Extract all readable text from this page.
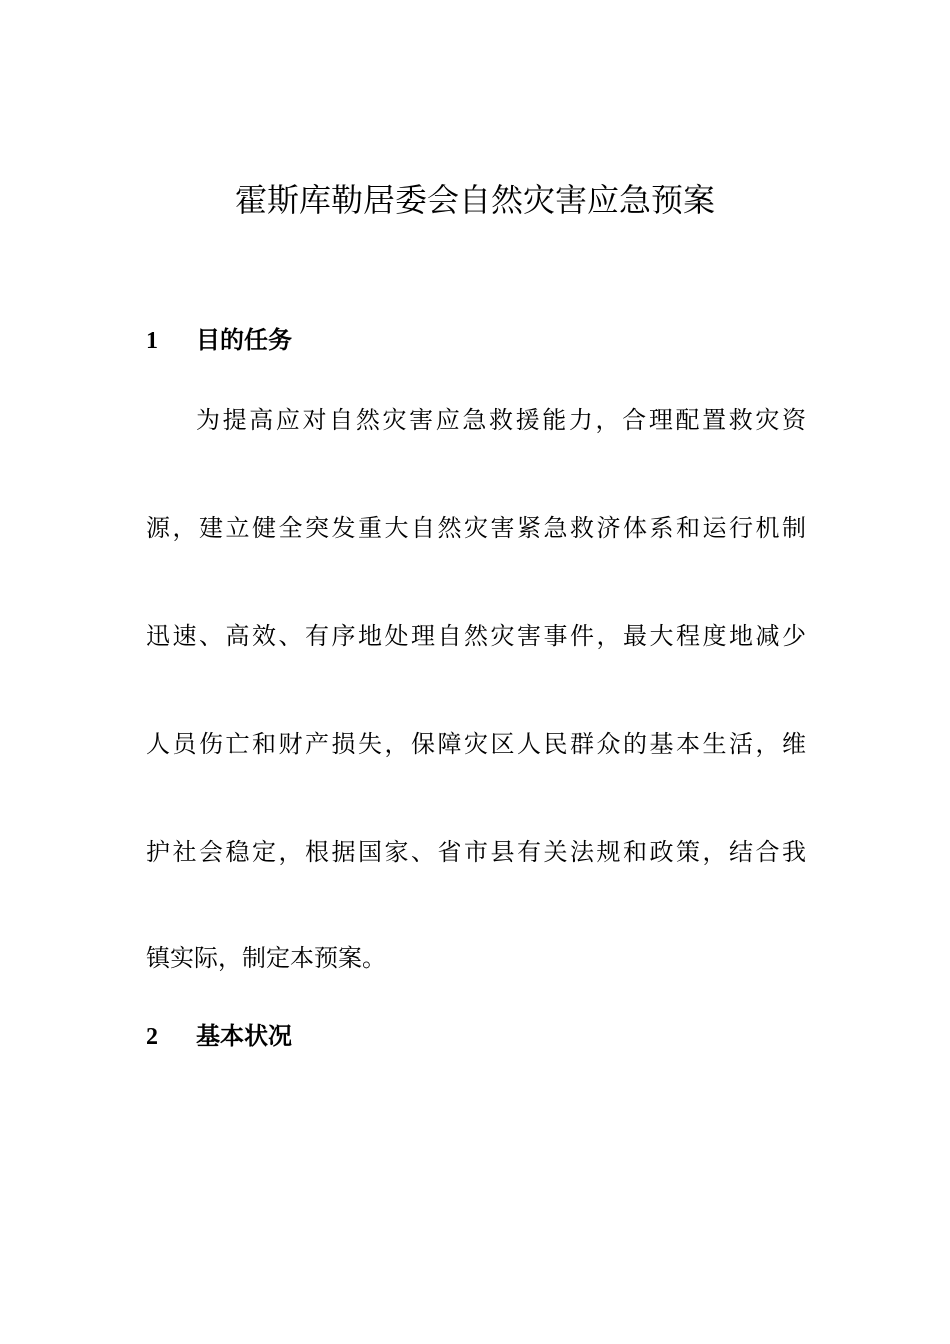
霍斯库勒居委会自然灾害应急预案
1 目的任务
为提高应对自然灾害应急救援能力，合理配置救灾资
源，建立健全突发重大自然灾害紧急救济体系和运行机制
迅速、高效、有序地处理自然灾害事件，最大程度地减少
人员伤亡和财产损失，保障灾区人民群众的基本生活，维
护社会稳定，根据国家、省市县有关法规和政策，结合我
镇实际，制定本预案。
2 基本状况
